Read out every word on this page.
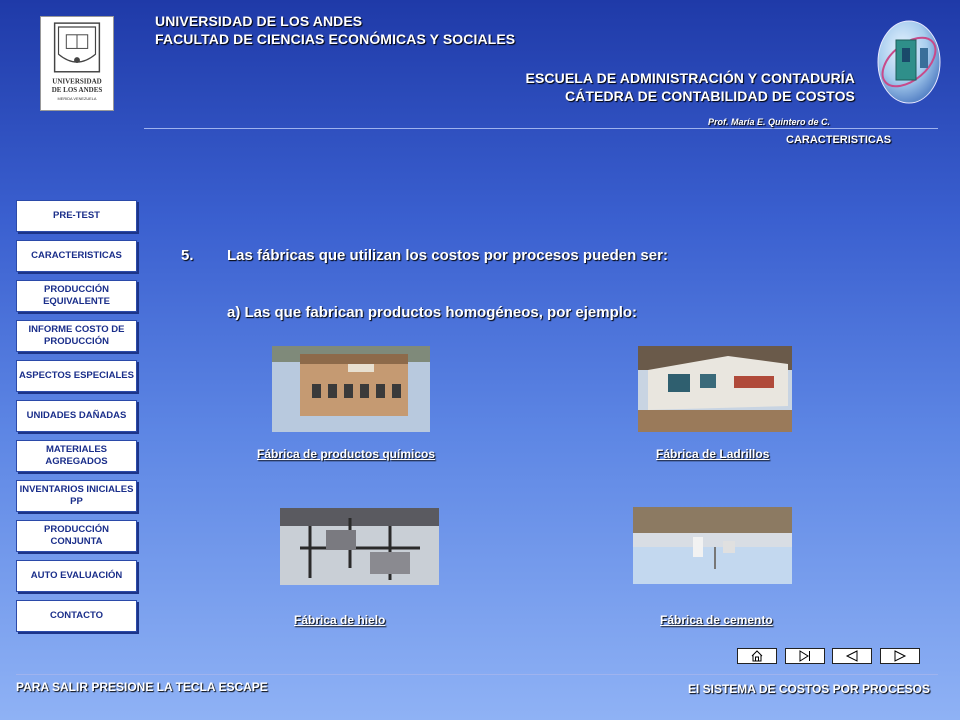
UNIVERSIDAD
DE LOS ANDES
MERIDA VENEZUELA
UNIVERSIDAD DE LOS ANDES
FACULTAD DE CIENCIAS ECONÓMICAS Y SOCIALES
ESCUELA DE ADMINISTRACIÓN Y CONTADURÍA
CÁTEDRA DE CONTABILIDAD DE COSTOS
Prof. María E. Quintero de C.
CARACTERISTICAS
PRE-TEST
CARACTERISTICAS
PRODUCCIÓN EQUIVALENTE
INFORME COSTO DE PRODUCCIÓN
ASPECTOS ESPECIALES
UNIDADES DAÑADAS
MATERIALES AGREGADOS
INVENTARIOS INICIALES PP
PRODUCCIÓN CONJUNTA
AUTO EVALUACIÓN
CONTACTO
5. Las fábricas que utilizan los costos por procesos pueden ser:
a) Las que fabrican productos homogéneos, por ejemplo:
Fábrica de productos químicos	Fábrica de Ladrillos
Fábrica de hielo	Fábrica de cemento
PARA SALIR PRESIONE LA TECLA ESCAPE	El SISTEMA DE COSTOS POR PROCESOS
